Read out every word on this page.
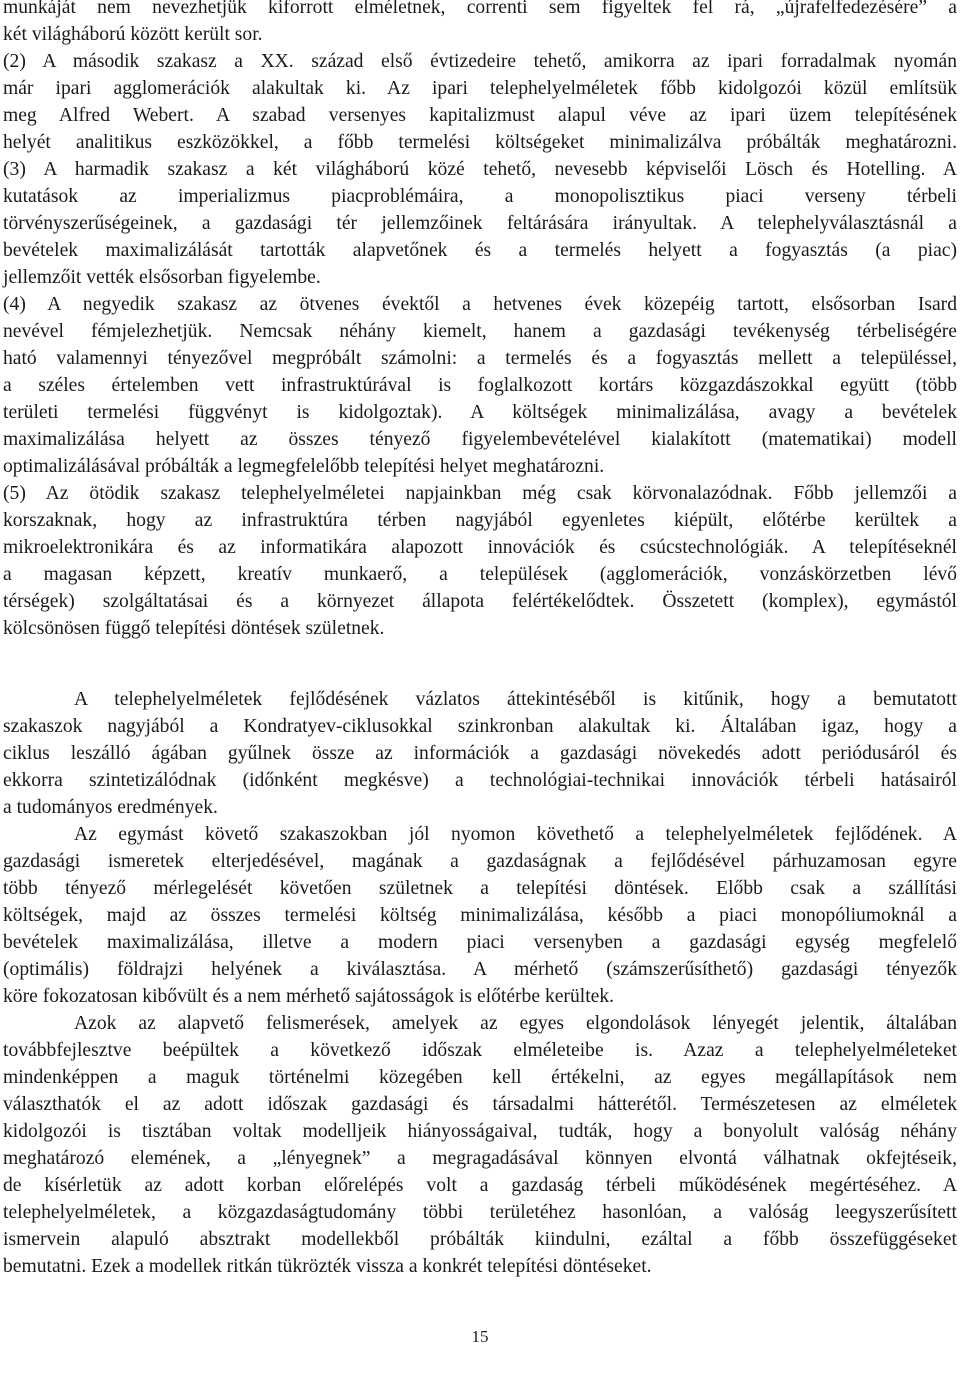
munkáját nem nevezhetjük kiforrott elméletnek, correnti sem figyeltek fel rá, „újrafelfedezésére” a
két világháború között került sor.
(2) A második szakasz a XX. század első évtizedeire tehető, amikorra az ipari forradalmak nyomán
már ipari agglomerációk alakultak ki. Az ipari telephelyelméletek főbb kidolgozói közül említsük
meg Alfred Webert. A szabad versenyes kapitalizmust alapul véve az ipari üzem telepítésének
helyét analitikus eszközökkel, a főbb termelési költségeket minimalizálva próbálták meghatározni.
(3) A harmadik szakasz a két világháború közé tehető, nevesebb képviselői Lösch és Hotelling. A
kutatások az imperializmus piacproblémáira, a monopolisztikus piaci verseny térbeli
törvényszerűségeinek, a gazdasági tér jellemzőinek feltárására irányultak. A telephelyválasztásnál a
bevételek maximalizálását tartották alapvetőnek és a termelés helyett a fogyasztás (a piac)
jellemzőit vették elsősorban figyelembe.
(4) A negyedik szakasz az ötvenes évektől a hetvenes évek közepéig tartott, elsősorban Isard
nevével fémjelezhetjük. Nemcsak néhány kiemelt, hanem a gazdasági tevékenység térbeliségére
ható valamennyi tényezővel megpróbált számolni: a termelés és a fogyasztás mellett a településsel,
a széles értelemben vett infrastruktúrával is foglalkozott kortárs közgazdászokkal együtt (több
területi termelési függvényt is kidolgoztak). A költségek minimalizálása, avagy a bevételek
maximalizálása helyett az összes tényező figyelembevételével kialakított (matematikai) modell
optimalizálásával próbálták a legmegfelelőbb telepítési helyet meghatározni.
(5) Az ötödik szakasz telephelyelméletei napjainkban még csak körvonalazódnak. Főbb jellemzői a
korszaknak, hogy az infrastruktúra térben nagyjából egyenletes kiépült, előtérbe kerültek a
mikroelektronikára és az informatikára alapozott innovációk és csúcstechnológiák. A telepítéseknél
a magasan képzett, kreatív munkaerő, a települések (agglomerációk, vonzáskörzetben lévő
térségek) szolgáltatásai és a környezet állapota felértékelődtek. Összetett (komplex), egymástól
kölcsönösen függő telepítési döntések születnek.
A telephelyelméletek fejlődésének vázlatos áttekintéséből is kitűnik, hogy a bemutatott
szakaszok nagyjából a Kondratyev-ciklusokkal szinkronban alakultak ki. Általában igaz, hogy a
ciklus leszálló ágában gyűlnek össze az információk a gazdasági növekedés adott periódusáról és
ekkorra szintetizálódnak (időnként megkésve) a technológiai-technikai innovációk térbeli hatásairól
a tudományos eredmények.
Az egymást követő szakaszokban jól nyomon követhető a telephelyelméletek fejlődének. A
gazdasági ismeretek elterjedésével, magának a gazdaságnak a fejlődésével párhuzamosan egyre
több tényező mérlegelését követően születnek a telepítési döntések. Előbb csak a szállítási
költségek, majd az összes termelési költség minimalizálása, később a piaci monopóliumoknál a
bevételek maximalizálása, illetve a modern piaci versenyben a gazdasági egység megfelelő
(optimális) földrajzi helyének a kiválasztása. A mérhető (számszerűsíthető) gazdasági tényezők
köre fokozatosan kibővült és a nem mérhető sajátosságok is előtérbe kerültek.
Azok az alapvető felismerések, amelyek az egyes elgondolások lényegét jelentik, általában
továbbfejlesztve beépültek a következő időszak elméleteibe is. Azaz a telephelyelméleteket
mindenképpen a maguk történelmi közegében kell értékelni, az egyes megállapítások nem
választhatók el az adott időszak gazdasági és társadalmi hátterétől. Természetesen az elméletek
kidolgozói is tisztában voltak modelljeik hiányosságaival, tudták, hogy a bonyolult valóság néhány
meghatározó elemének, a „lényegnek” a megragadásával könnyen elvontá válhatnak okfejtéseik,
de kísérletük az adott korban előrelépés volt a gazdaság térbeli működésének megértéséhez. A
telephelyelméletek, a közgazdaságtudomány többi területéhez hasonlóan, a valóság leegyszerűsített
ismervein alapuló absztrakt modellekből próbálták kiindulni, ezáltal a főbb összefüggéseket
bemutatni. Ezek a modellek ritkán tükrözték vissza a konkrét telepítési döntéseket.
15
